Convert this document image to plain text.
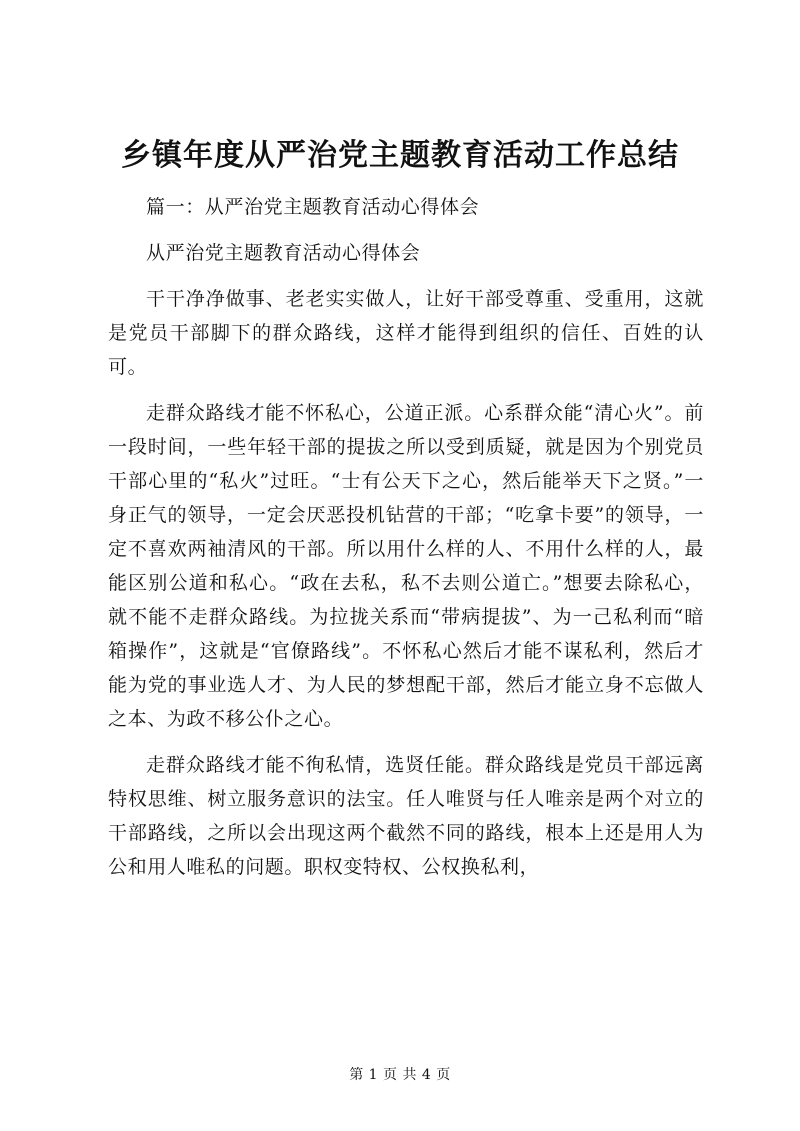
乡镇年度从严治党主题教育活动工作总结

篇一：从严治党主题教育活动心得体会

从严治党主题教育活动心得体会

干干净净做事、老老实实做人，让好干部受尊重、受重用，这就是党员干部脚下的群众路线，这样才能得到组织的信任、百姓的认可。

走群众路线才能不怀私心，公道正派。心系群众能“清心火”。前一段时间，一些年轻干部的提拔之所以受到质疑，就是因为个别党员干部心里的“私火”过旺。“士有公天下之心，然后能举天下之贤。”一身正气的领导，一定会厌恶投机钻营的干部；“吃拿卡要”的领导，一定不喜欢两袖清风的干部。所以用什么样的人、不用什么样的人，最能区别公道和私心。“政在去私，私不去则公道亡。”想要去除私心，就不能不走群众路线。为拉拢关系而“带病提拔”、为一己私利而“暗箱操作”，这就是“官僚路线”。不怀私心然后才能不谋私利，然后才能为党的事业选人才、为人民的梦想配干部，然后才能立身不忘做人之本、为政不移公仆之心。

走群众路线才能不徇私情，选贤任能。群众路线是党员干部远离特权思维、树立服务意识的法宝。任人唯贤与任人唯亲是两个对立的干部路线，之所以会出现这两个截然不同的路线，根本上还是用人为公和用人唯私的问题。职权变特权、公权换私利，

第 1 页 共 4 页
